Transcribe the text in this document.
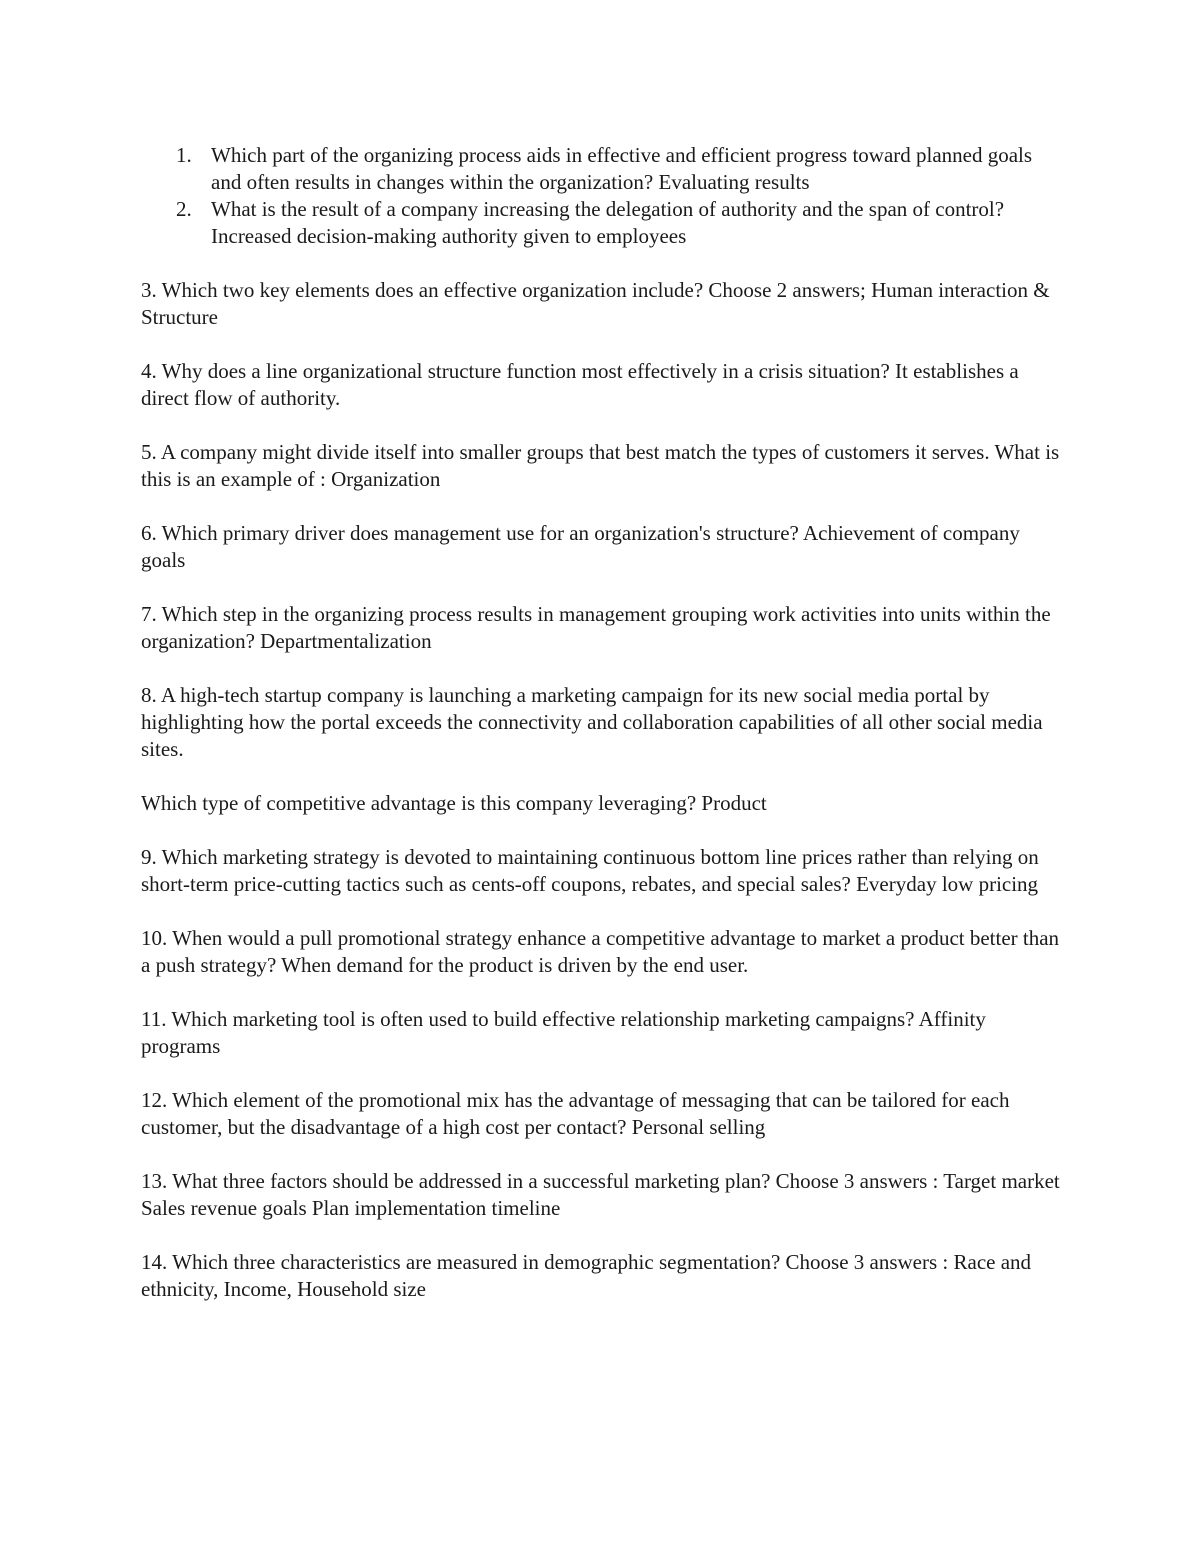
1. Which part of the organizing process aids in effective and efficient progress toward planned goals and often results in changes within the organization? Evaluating results
2. What is the result of a company increasing the delegation of authority and the span of control? Increased decision-making authority given to employees

3. Which two key elements does an effective organization include? Choose 2 answers; Human interaction & Structure

4. Why does a line organizational structure function most effectively in a crisis situation? It establishes a direct flow of authority.

5. A company might divide itself into smaller groups that best match the types of customers it serves. What is this is an example of : Organization

6. Which primary driver does management use for an organization's structure? Achievement of company goals

7. Which step in the organizing process results in management grouping work activities into units within the organization? Departmentalization

8. A high-tech startup company is launching a marketing campaign for its new social media portal by highlighting how the portal exceeds the connectivity and collaboration capabilities of all other social media sites.

Which type of competitive advantage is this company leveraging? Product

9. Which marketing strategy is devoted to maintaining continuous bottom line prices rather than relying on short-term price-cutting tactics such as cents-off coupons, rebates, and special sales? Everyday low pricing

10. When would a pull promotional strategy enhance a competitive advantage to market a product better than a push strategy? When demand for the product is driven by the end user.

11. Which marketing tool is often used to build effective relationship marketing campaigns? Affinity programs

12. Which element of the promotional mix has the advantage of messaging that can be tailored for each customer, but the disadvantage of a high cost per contact? Personal selling

13. What three factors should be addressed in a successful marketing plan? Choose 3 answers : Target market Sales revenue goals Plan implementation timeline

14. Which three characteristics are measured in demographic segmentation? Choose 3 answers : Race and ethnicity, Income, Household size
